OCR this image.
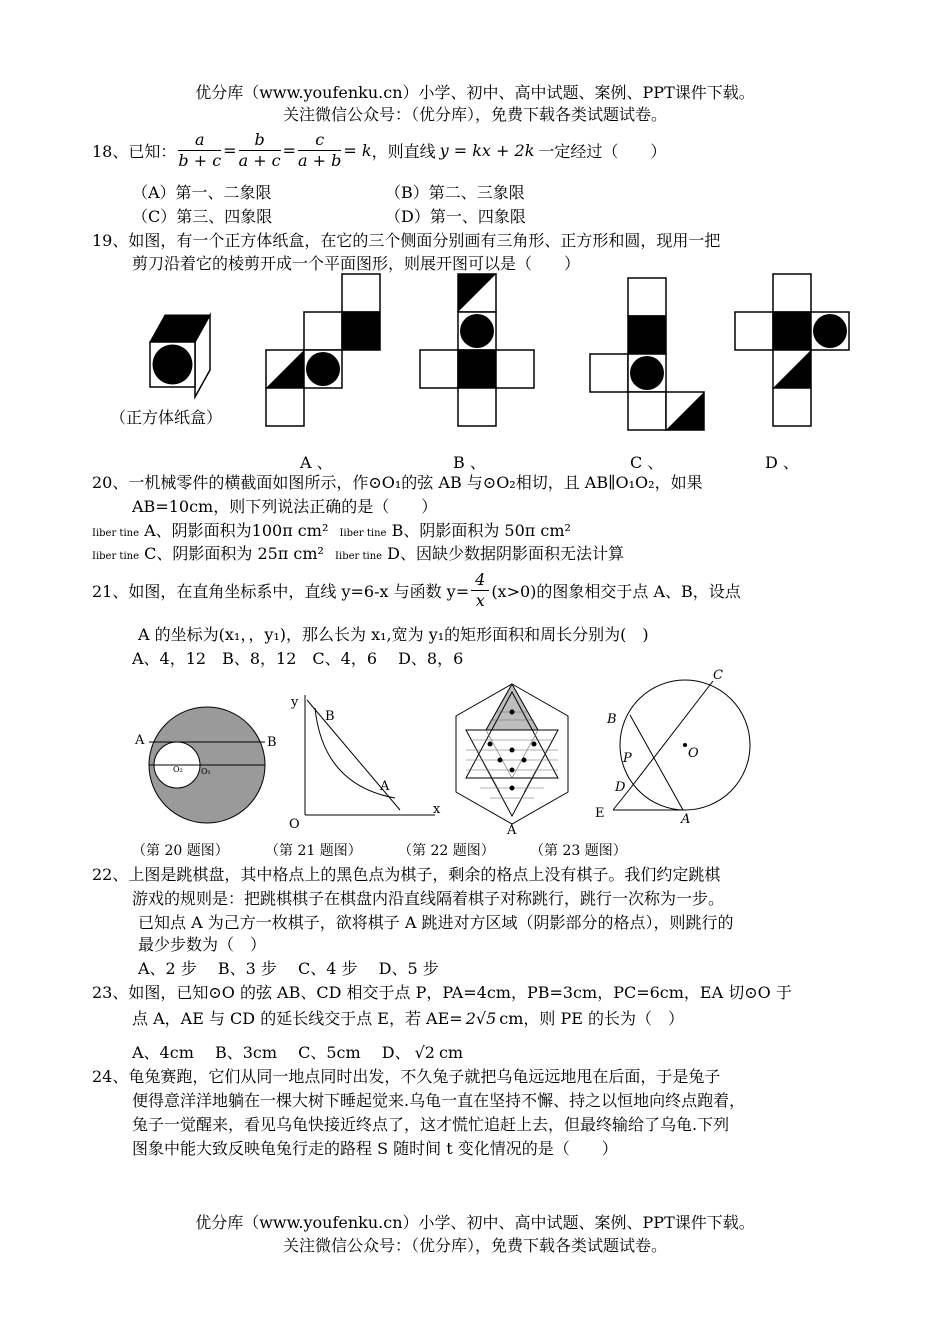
优分库（www.youfenku.cn）小学、初中、高中试题、案例、PPT课件下载。
关注微信公众号：（优分库），免费下载各类试题试卷。
18、已知： $\frac{a}{b + c} = \frac{b}{a + c} = \frac{c}{a + b} = k$ ，则直线 y = kx + 2k 一定经过（　　）
（A）第一、二象限	（B）第二、三象限
（C）第三、四象限	（D）第一、四象限
19、如图，有一个正方体纸盒，在它的三个侧面分别画有三角形、正方形和圆，现用一把
剪刀沿着它的棱剪开成一个平面图形，则展开图可以是（　　）
（正方体纸盒）
A 、	B 、	C 、	D 、
20、一机械零件的横截面如图所示，作⊙O₁的弦 AB 与⊙O₂相切，且 AB∥O₁O₂，如果
AB=10cm，则下列说法正确的是（　　）
Iiber tine A、阴影面积为100π cm² Iiber tine B、阴影面积为 50π cm²
Iiber tine C、阴影面积为 25π cm² Iiber tine D、因缺少数据阴影面积无法计算
21、如图，在直角坐标系中，直线 y=6-x 与函数 $y= \frac{4}{x} (x>0)$的图象相交于点 A、B，设点
A 的坐标为(x₁，，y₁)，那么长为 x₁,宽为 y₁的矩形面积和周长分别为(　)
A、4，12　B、8，12　C、4，6　 D、8，6
A	B
O₂ O₁
y
x
O
B
A
A
B
C
P	O
D
E	A
（第 20 题图）	（第 21 题图）	（第 22 题图）	（第 23 题图）
22、上图是跳棋盘，其中格点上的黑色点为棋子，剩余的格点上没有棋子。我们约定跳棋
游戏的规则是：把跳棋棋子在棋盘内沿直线隔着棋子对称跳行，跳行一次称为一步。
已知点 A 为己方一枚棋子，欲将棋子 A 跳进对方区域（阴影部分的格点），则跳行的
最少步数为（　）
A、2 步　 B、3 步　 C、4 步　 D、5 步
23、如图，已知⊙O 的弦 AB、CD 相交于点 P，PA=4cm，PB=3cm，PC=6cm，EA 切⊙O 于
点 A，AE 与 CD 的延长线交于点 E，若 AE= 2√5 cm，则 PE 的长为（　）
A、4cm　 B、3cm　 C、5cm　 D、 √2 cm
24、龟兔赛跑，它们从同一地点同时出发，不久兔子就把乌龟远远地甩在后面，于是兔子
便得意洋洋地躺在一棵大树下睡起觉来.乌龟一直在坚持不懈、持之以恒地向终点跑着，
兔子一觉醒来，看见乌龟快接近终点了，这才慌忙追赶上去，但最终输给了乌龟.下列
图象中能大致反映龟兔行走的路程 S 随时间 t 变化情况的是（　　）
优分库（www.youfenku.cn）小学、初中、高中试题、案例、PPT课件下载。
关注微信公众号：（优分库），免费下载各类试题试卷。
